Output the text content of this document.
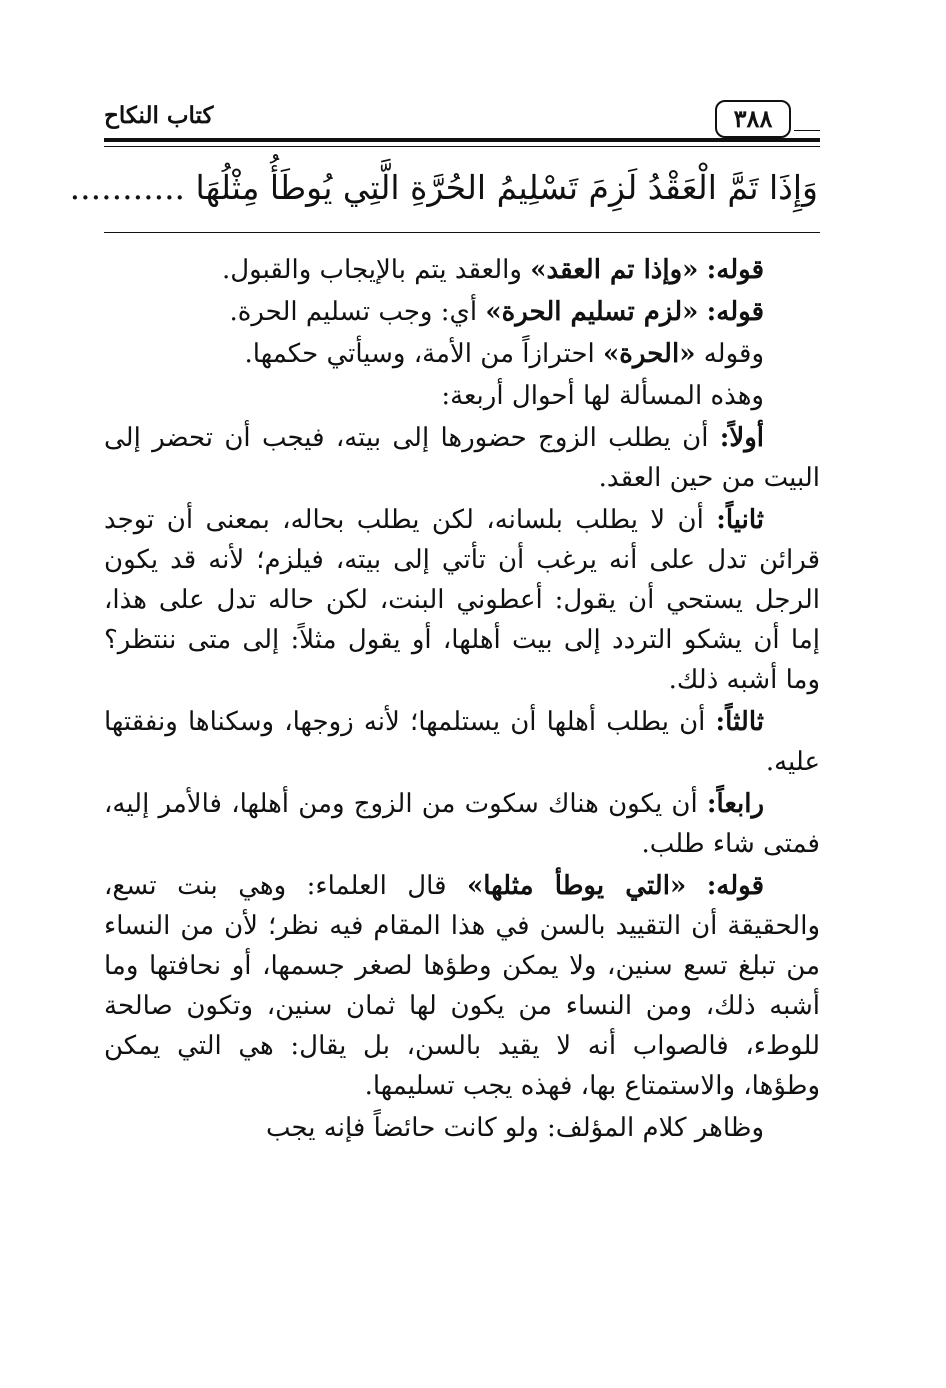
كتاب النكاح	٣٨٨
وَإِذَا تَمَّ الْعَقْدُ لَزِمَ تَسْلِيمُ الحُرَّةِ الَّتِي يُوطَأُ مِثْلُهَا ...........

قوله: «وإذا تم العقد» والعقد يتم بالإيجاب والقبول.

قوله: «لزم تسليم الحرة» أي: وجب تسليم الحرة.

وقوله «الحرة» احترازاً من الأمة، وسيأتي حكمها.

وهذه المسألة لها أحوال أربعة:

أولاً: أن يطلب الزوج حضورها إلى بيته، فيجب أن تحضر إلى البيت من حين العقد.

ثانياً: أن لا يطلب بلسانه، لكن يطلب بحاله، بمعنى أن توجد قرائن تدل على أنه يرغب أن تأتي إلى بيته، فيلزم؛ لأنه قد يكون الرجل يستحي أن يقول: أعطوني البنت، لكن حاله تدل على هذا، إما أن يشكو التردد إلى بيت أهلها، أو يقول مثلاً: إلى متى ننتظر؟ وما أشبه ذلك.

ثالثاً: أن يطلب أهلها أن يستلمها؛ لأنه زوجها، وسكناها ونفقتها عليه.

رابعاً: أن يكون هناك سكوت من الزوج ومن أهلها، فالأمر إليه، فمتى شاء طلب.

قوله: «التي يوطأ مثلها» قال العلماء: وهي بنت تسع، والحقيقة أن التقييد بالسن في هذا المقام فيه نظر؛ لأن من النساء من تبلغ تسع سنين، ولا يمكن وطؤها لصغر جسمها، أو نحافتها وما أشبه ذلك، ومن النساء من يكون لها ثمان سنين، وتكون صالحة للوطء، فالصواب أنه لا يقيد بالسن، بل يقال: هي التي يمكن وطؤها، والاستمتاع بها، فهذه يجب تسليمها.

وظاهر كلام المؤلف: ولو كانت حائضاً فإنه يجب
